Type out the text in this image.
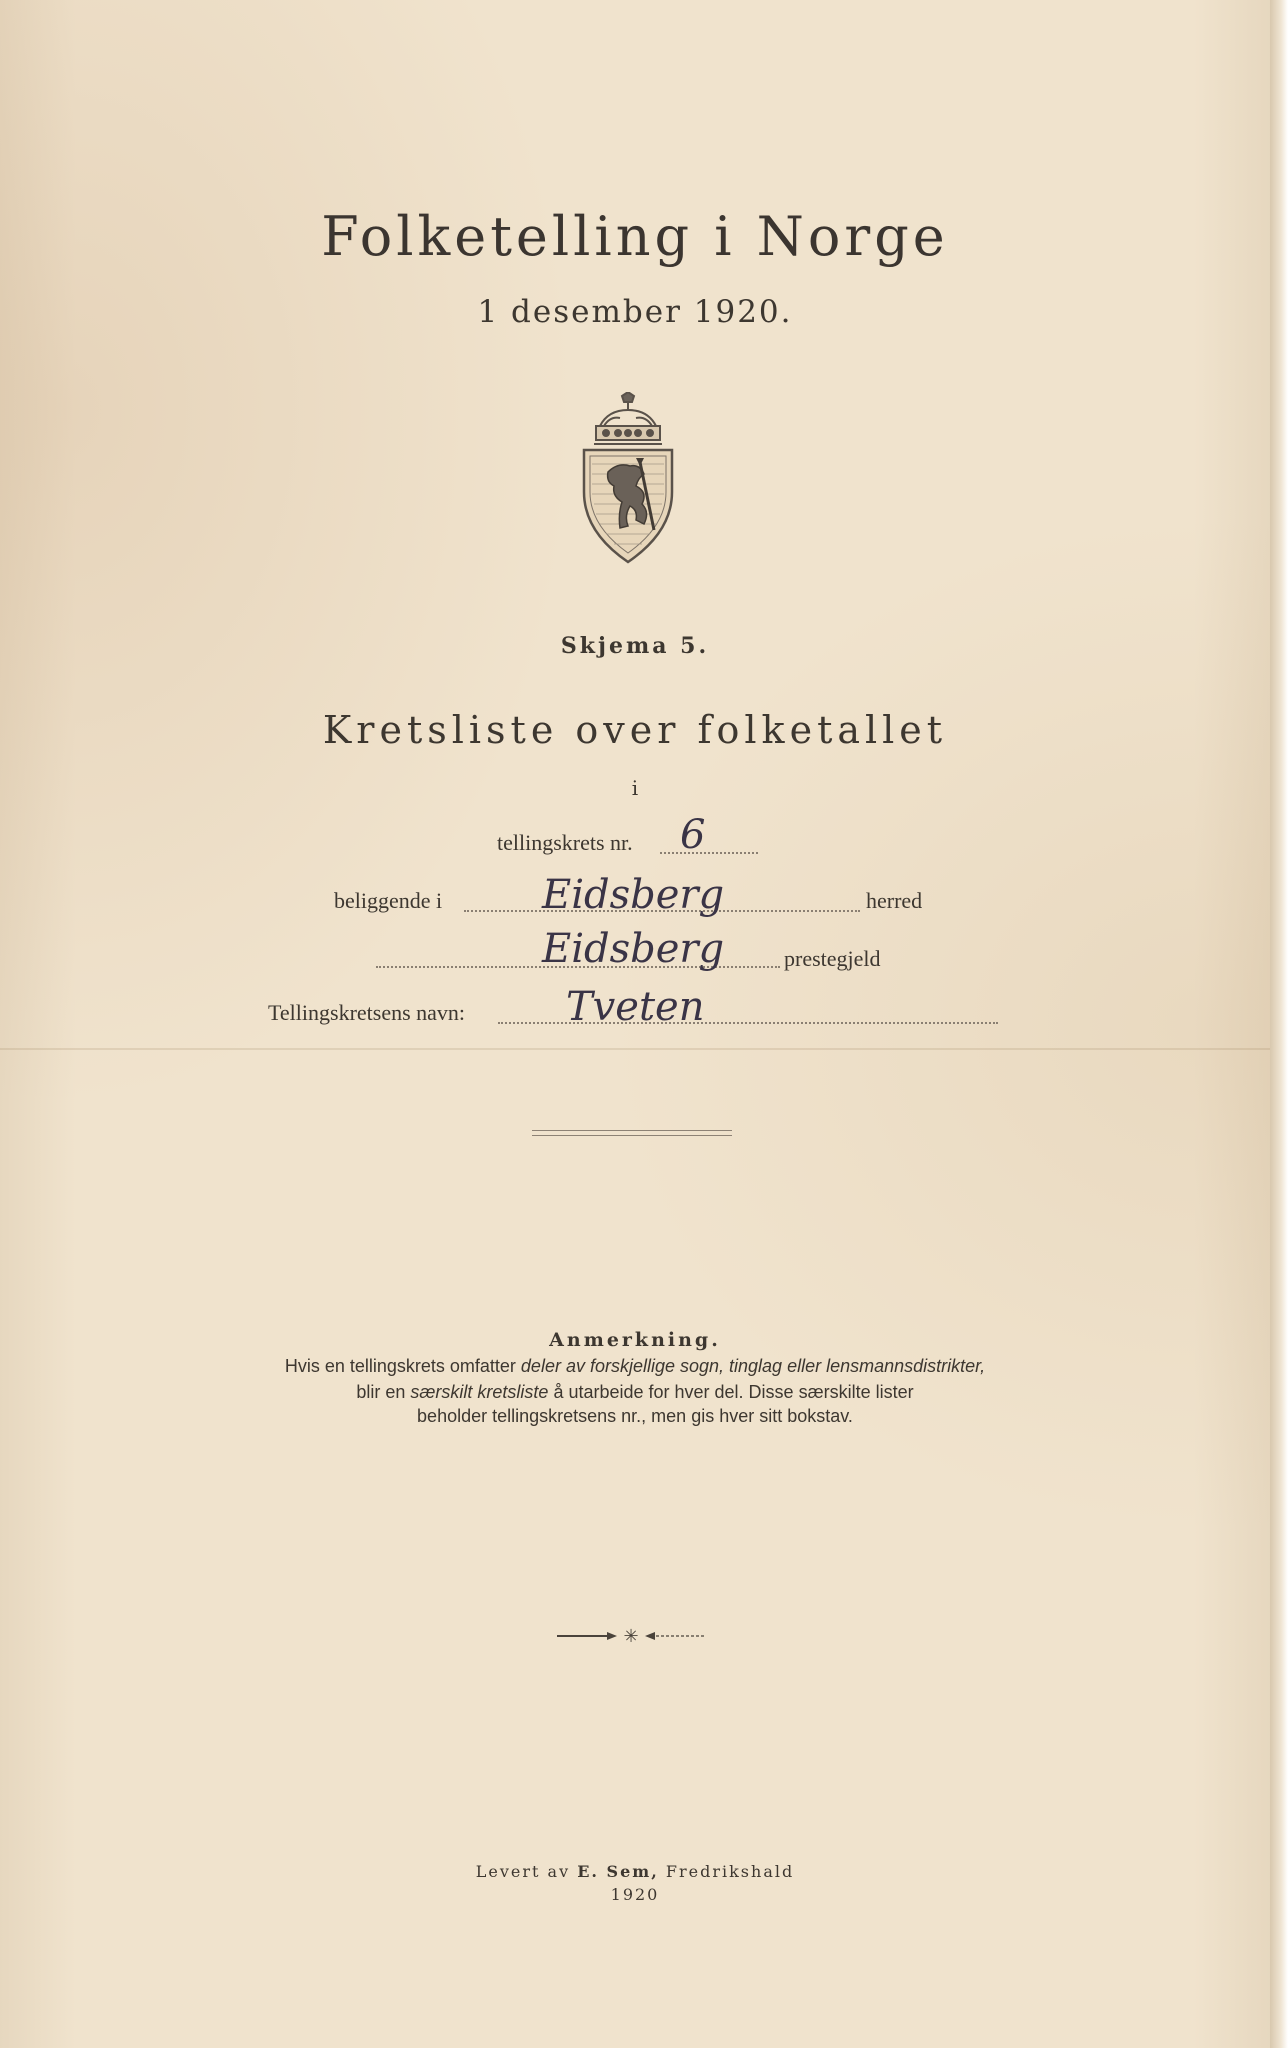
Folketelling i Norge
1 desember 1920.
Skjema 5.
Kretsliste over folketallet
i
tellingskrets nr. 6
beliggende i Eidsberg	herred
Eidsberg	prestegjeld
Tellingskretsens navn:	Tveten
Anmerkning.
Hvis en tellingskrets omfatter deler av forskjellige sogn, tinglag eller lensmannsdistrikter,
blir en særskilt kretsliste å utarbeide for hver del. Disse særskilte lister
beholder tellingskretsens nr., men gis hver sitt bokstav.
✳
Levert av E. Sem, Fredrikshald
1920
